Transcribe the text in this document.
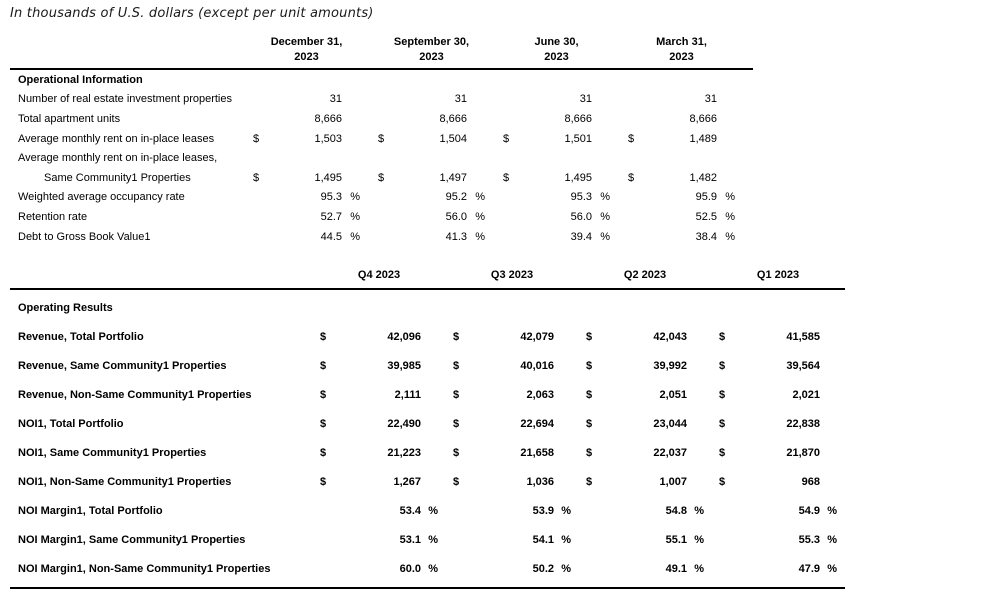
In thousands of U.S. dollars (except per unit amounts)
December 31,
2023
September 30,
2023
June 30,
2023
March 31,
2023
Operational Information
Number of real estate investment properties	31	31	31	31
Total apartment units	8,666	8,666	8,666	8,666
Average monthly rent on in-place leases	$	1,503	$	1,504	$	1,501	$	1,489
Average monthly rent on in-place leases,
Same Community1 Properties	$	1,495	$	1,497	$	1,495	$	1,482
Weighted average occupancy rate	95.3 %	95.2 %	95.3 %	95.9 %
Retention rate	52.7 %	56.0 %	56.0 %	52.5 %
Debt to Gross Book Value1	44.5 %	41.3 %	39.4 %	38.4 %
Q4 2023	Q3 2023	Q2 2023	Q1 2023
Operating Results
Revenue, Total Portfolio	$	42,096	$	42,079	$	42,043	$	41,585
Revenue, Same Community1 Properties	$	39,985	$	40,016	$	39,992	$	39,564
Revenue, Non-Same Community1 Properties	$	2,111	$	2,063	$	2,051	$	2,021
NOI1, Total Portfolio	$	22,490	$	22,694	$	23,044	$	22,838
NOI1, Same Community1 Properties	$	21,223	$	21,658	$	22,037	$	21,870
NOI1, Non-Same Community1 Properties	$	1,267	$	1,036	$	1,007	$	968
NOI Margin1, Total Portfolio	53.4 %	53.9 %	54.8 %	54.9 %
NOI Margin1, Same Community1 Properties	53.1 %	54.1 %	55.1 %	55.3 %
NOI Margin1, Non-Same Community1 Properties	60.0 %	50.2 %	49.1 %	47.9 %
